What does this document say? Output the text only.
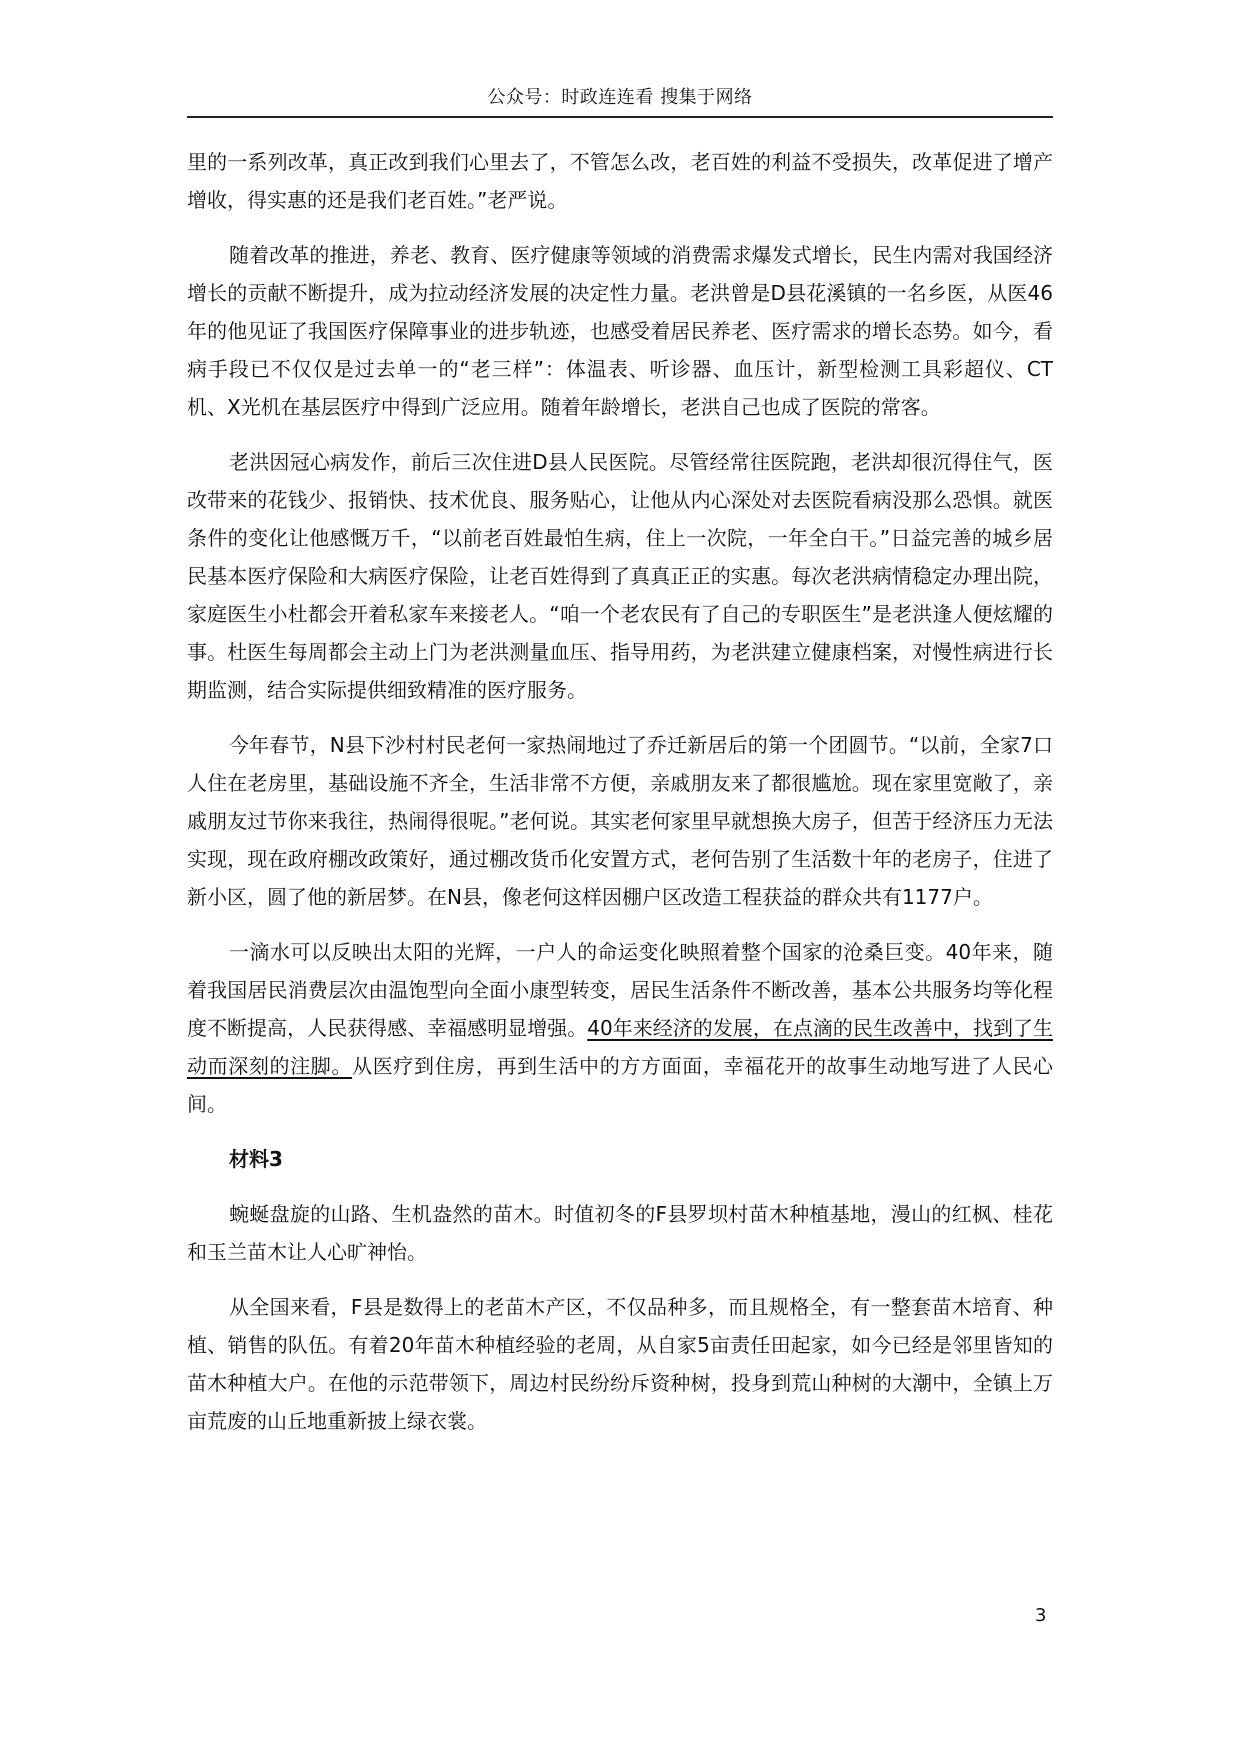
公众号：时政连连看 搜集于网络

里的一系列改革，真正改到我们心里去了，不管怎么改，老百姓的利益不受损失，改革促进了增产增收，得实惠的还是我们老百姓。”老严说。

随着改革的推进，养老、教育、医疗健康等领域的消费需求爆发式增长，民生内需对我国经济增长的贡献不断提升，成为拉动经济发展的决定性力量。老洪曾是D县花溪镇的一名乡医，从医46年的他见证了我国医疗保障事业的进步轨迹，也感受着居民养老、医疗需求的增长态势。如今，看病手段已不仅仅是过去单一的“老三样”：体温表、听诊器、血压计，新型检测工具彩超仪、CT机、X光机在基层医疗中得到广泛应用。随着年龄增长，老洪自己也成了医院的常客。

老洪因冠心病发作，前后三次住进D县人民医院。尽管经常往医院跑，老洪却很沉得住气，医改带来的花钱少、报销快、技术优良、服务贴心，让他从内心深处对去医院看病没那么恐惧。就医条件的变化让他感慨万千，“以前老百姓最怕生病，住上一次院，一年全白干。”日益完善的城乡居民基本医疗保险和大病医疗保险，让老百姓得到了真真正正的实惠。每次老洪病情稳定办理出院，家庭医生小杜都会开着私家车来接老人。“咱一个老农民有了自己的专职医生”是老洪逢人便炫耀的事。杜医生每周都会主动上门为老洪测量血压、指导用药，为老洪建立健康档案，对慢性病进行长期监测，结合实际提供细致精准的医疗服务。

今年春节，N县下沙村村民老何一家热闹地过了乔迁新居后的第一个团圆节。“以前，全家7口人住在老房里，基础设施不齐全，生活非常不方便，亲戚朋友来了都很尴尬。现在家里宽敞了，亲戚朋友过节你来我往，热闹得很呢。”老何说。其实老何家里早就想换大房子，但苦于经济压力无法实现，现在政府棚改政策好，通过棚改货币化安置方式，老何告别了生活数十年的老房子，住进了新小区，圆了他的新居梦。在N县，像老何这样因棚户区改造工程获益的群众共有1177户。

一滴水可以反映出太阳的光辉，一户人的命运变化映照着整个国家的沧桑巨变。40年来，随着我国居民消费层次由温饱型向全面小康型转变，居民生活条件不断改善，基本公共服务均等化程度不断提高，人民获得感、幸福感明显增强。40年来经济的发展，在点滴的民生改善中，找到了生动而深刻的注脚。从医疗到住房，再到生活中的方方面面，幸福花开的故事生动地写进了人民心间。

材料3

蜿蜒盘旋的山路、生机盎然的苗木。时值初冬的F县罗坝村苗木种植基地，漫山的红枫、桂花和玉兰苗木让人心旷神怡。

从全国来看，F县是数得上的老苗木产区，不仅品种多，而且规格全，有一整套苗木培育、种植、销售的队伍。有着20年苗木种植经验的老周，从自家5亩责任田起家，如今已经是邻里皆知的苗木种植大户。在他的示范带领下，周边村民纷纷斥资种树，投身到荒山种树的大潮中，全镇上万亩荒废的山丘地重新披上绿衣裳。

3
